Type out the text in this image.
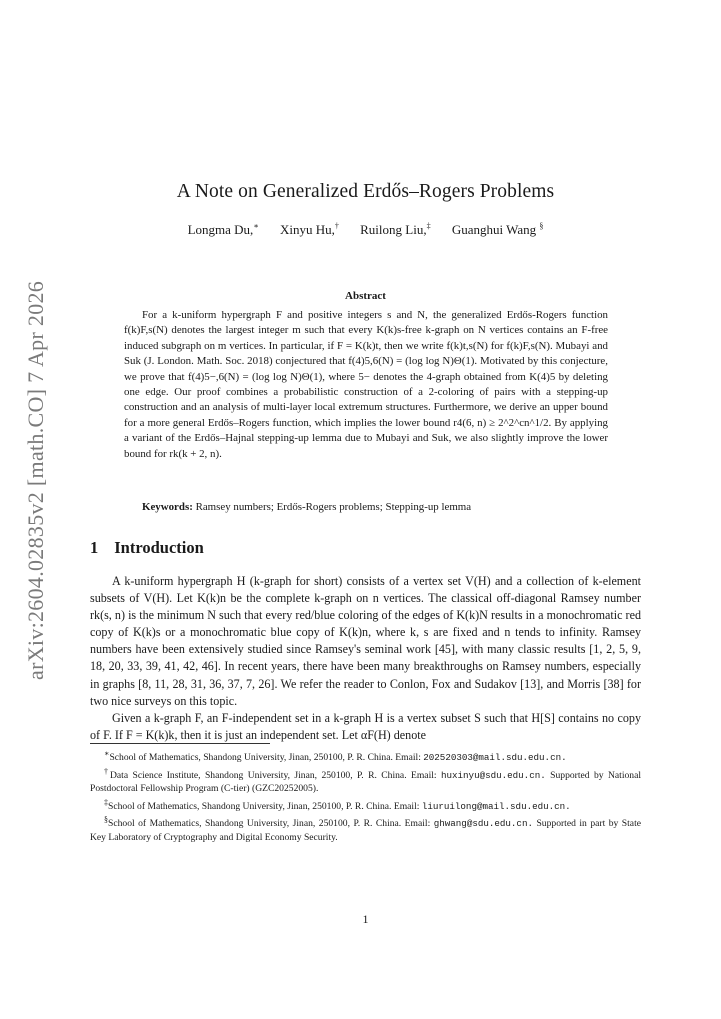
arXiv:2604.02835v2 [math.CO] 7 Apr 2026
A Note on Generalized Erdős–Rogers Problems
Longma Du,∗ Xinyu Hu,† Ruilong Liu,‡ Guanghui Wang §
Abstract
For a k-uniform hypergraph F and positive integers s and N, the generalized Erdős-Rogers function f(k)F,s(N) denotes the largest integer m such that every K(k)s-free k-graph on N vertices contains an F-free induced subgraph on m vertices. In particular, if F = K(k)t, then we write f(k)t,s(N) for f(k)F,s(N). Mubayi and Suk (J. London. Math. Soc. 2018) conjectured that f(4)5,6(N) = (log log N)Θ(1). Motivated by this conjecture, we prove that f(4)5−,6(N) = (log log N)Θ(1), where 5− denotes the 4-graph obtained from K(4)5 by deleting one edge. Our proof combines a probabilistic construction of a 2-coloring of pairs with a stepping-up construction and an analysis of multi-layer local extremum structures. Furthermore, we derive an upper bound for a more general Erdős–Rogers function, which implies the lower bound r4(6, n) ≥ 2^2^cn^1/2. By applying a variant of the Erdős–Hajnal stepping-up lemma due to Mubayi and Suk, we also slightly improve the lower bound for rk(k + 2, n).
Keywords: Ramsey numbers; Erdős-Rogers problems; Stepping-up lemma
1 Introduction

A k-uniform hypergraph H (k-graph for short) consists of a vertex set V(H) and a collection of k-element subsets of V(H). Let K(k)n be the complete k-graph on n vertices. The classical off-diagonal Ramsey number rk(s, n) is the minimum N such that every red/blue coloring of the edges of K(k)N results in a monochromatic red copy of K(k)s or a monochromatic blue copy of K(k)n, where k, s are fixed and n tends to infinity. Ramsey numbers have been extensively studied since Ramsey's seminal work [45], with many classic results [1, 2, 5, 9, 18, 20, 33, 39, 41, 42, 46]. In recent years, there have been many breakthroughs on Ramsey numbers, especially in graphs [8, 11, 28, 31, 36, 37, 7, 26]. We refer the reader to Conlon, Fox and Sudakov [13], and Morris [38] for two nice surveys on this topic.

Given a k-graph F, an F-independent set in a k-graph H is a vertex subset S such that H[S] contains no copy of F. If F = K(k)k, then it is just an independent set. Let αF(H) denote

∗School of Mathematics, Shandong University, Jinan, 250100, P. R. China. Email: 202520303@mail.sdu.edu.cn.

†Data Science Institute, Shandong University, Jinan, 250100, P. R. China. Email: huxinyu@sdu.edu.cn. Supported by National Postdoctoral Fellowship Program (C-tier) (GZC20252005).

‡School of Mathematics, Shandong University, Jinan, 250100, P. R. China. Email: liuruilong@mail.sdu.edu.cn.

§School of Mathematics, Shandong University, Jinan, 250100, P. R. China. Email: ghwang@sdu.edu.cn. Supported in part by State Key Laboratory of Cryptography and Digital Economy Security.

1
